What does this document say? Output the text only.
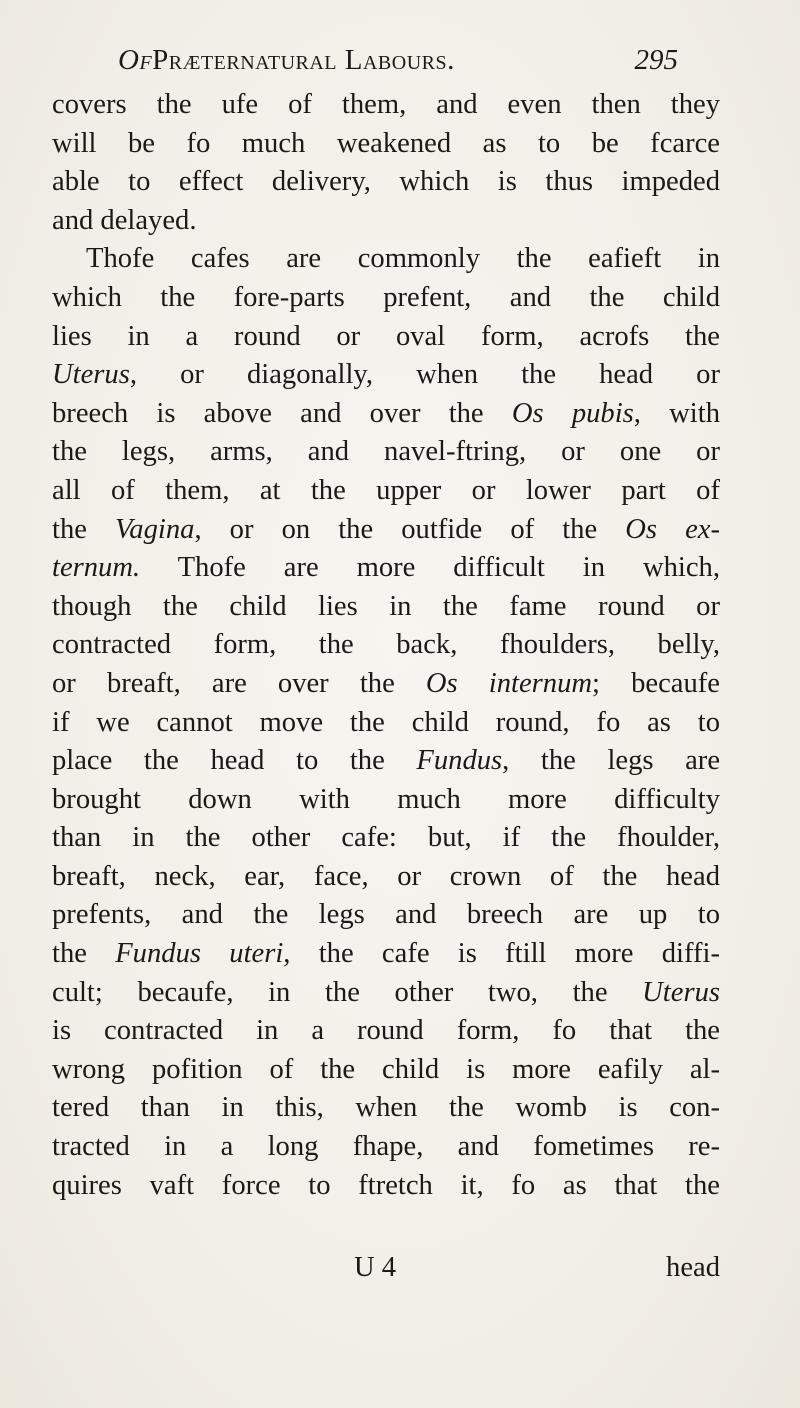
OfPræternatural Labours.	295
covers the ufe of them, and even then they
will be fo much weakened as to be fcarce
able to effect delivery, which is thus impeded
and delayed.
Thofe cafes are commonly the eafieft in
which the fore-parts prefent, and the child
lies in a round or oval form, acrofs the
Uterus, or diagonally, when the head or
breech is above and over the Os pubis, with
the legs, arms, and navel-ftring, or one or
all of them, at the upper or lower part of
the Vagina, or on the outfide of the Os ex-
ternum. Thofe are more difficult in which,
though the child lies in the fame round or
contracted form, the back, fhoulders, belly,
or breaft, are over the Os internum; becaufe
if we cannot move the child round, fo as to
place the head to the Fundus, the legs are
brought down with much more difficulty
than in the other cafe: but, if the fhoulder,
breaft, neck, ear, face, or crown of the head
prefents, and the legs and breech are up to
the Fundus uteri, the cafe is ftill more diffi-
cult; becaufe, in the other two, the Uterus
is contracted in a round form, fo that the
wrong pofition of the child is more eafily al-
tered than in this, when the womb is con-
tracted in a long fhape, and fometimes re-
quires vaft force to ftretch it, fo as that the
U 4	head
